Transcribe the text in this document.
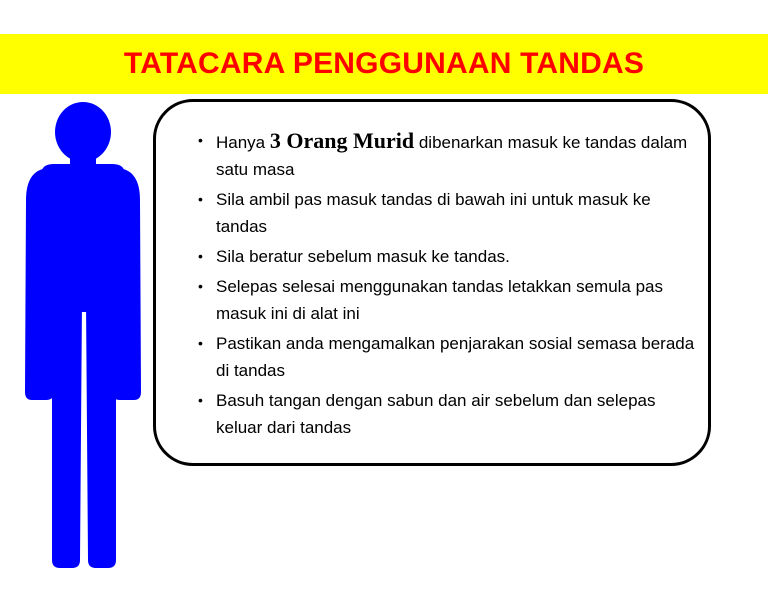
TATACARA PENGGUNAAN TANDAS
• Hanya 3 Orang Murid dibenarkan masuk ke tandas dalam satu masa
• Sila ambil pas masuk tandas di bawah ini untuk masuk ke tandas
• Sila beratur sebelum masuk ke tandas.
• Selepas selesai menggunakan tandas letakkan semula pas masuk ini di alat ini
• Pastikan anda mengamalkan penjarakan sosial semasa berada di tandas
• Basuh tangan dengan sabun dan air sebelum dan selepas keluar dari tandas
